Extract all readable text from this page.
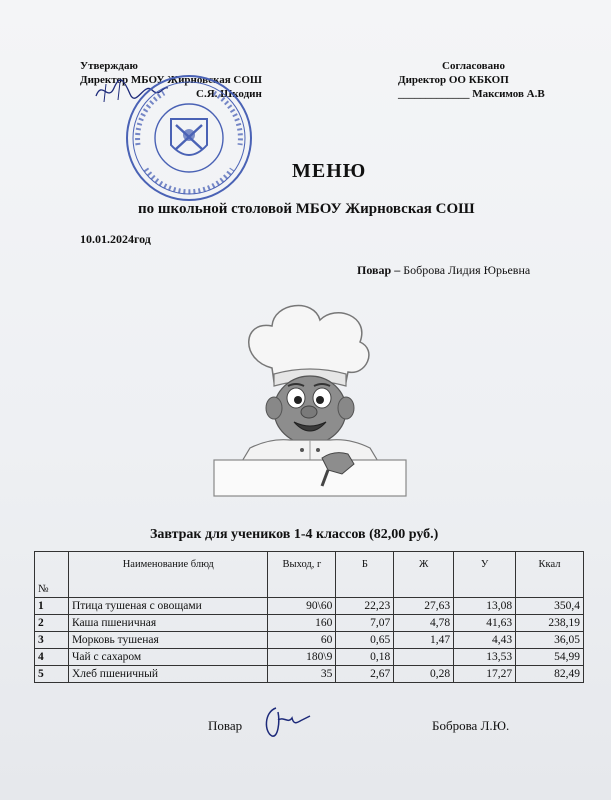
Утверждаю
Директор МБОУ Жирновская СОШ
С.Я. Шкодин
Согласовано
Директор ОО КБКОП
_____________ Максимов А.В
МЕНЮ
по школьной столовой МБОУ Жирновская СОШ
10.01.2024год
Повар – Боброва Лидия Юрьевна
Завтрак для учеников 1-4 классов (82,00 руб.)
№	Наименование блюд	Выход, г	Б	Ж	У	Ккал
1	Птица тушеная с овощами	90\60	22,23	27,63	13,08	350,4
2	Каша пшеничная	160	7,07	4,78	41,63	238,19
3	Морковь тушеная	60	0,65	1,47	4,43	36,05
4	Чай с сахаром	180\9	0,18		13,53	54,99
5	Хлеб пшеничный	35	2,67	0,28	17,27	82,49
Повар	Боброва Л.Ю.
